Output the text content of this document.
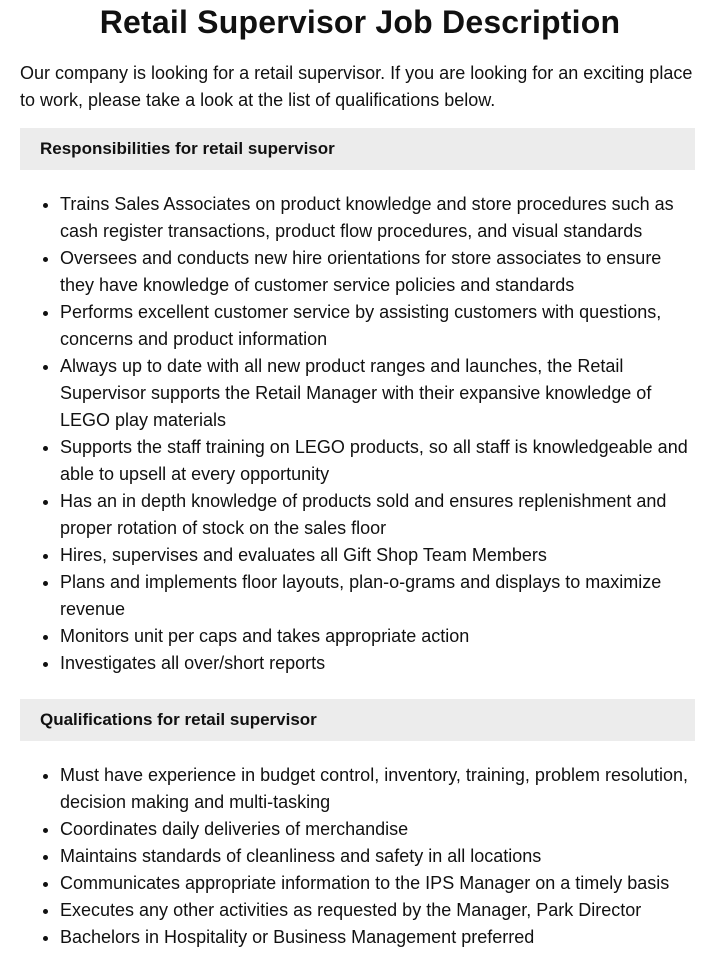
Retail Supervisor Job Description

Our company is looking for a retail supervisor. If you are looking for an exciting place to work, please take a look at the list of qualifications below.

Responsibilities for retail supervisor
• Trains Sales Associates on product knowledge and store procedures such as cash register transactions, product flow procedures, and visual standards
• Oversees and conducts new hire orientations for store associates to ensure they have knowledge of customer service policies and standards
• Performs excellent customer service by assisting customers with questions, concerns and product information
• Always up to date with all new product ranges and launches, the Retail Supervisor supports the Retail Manager with their expansive knowledge of LEGO play materials
• Supports the staff training on LEGO products, so all staff is knowledgeable and able to upsell at every opportunity
• Has an in depth knowledge of products sold and ensures replenishment and proper rotation of stock on the sales floor
• Hires, supervises and evaluates all Gift Shop Team Members
• Plans and implements floor layouts, plan-o-grams and displays to maximize revenue
• Monitors unit per caps and takes appropriate action
• Investigates all over/short reports
Qualifications for retail supervisor
• Must have experience in budget control, inventory, training, problem resolution, decision making and multi-tasking
• Coordinates daily deliveries of merchandise
• Maintains standards of cleanliness and safety in all locations
• Communicates appropriate information to the IPS Manager on a timely basis
• Executes any other activities as requested by the Manager, Park Director
• Bachelors in Hospitality or Business Management preferred
